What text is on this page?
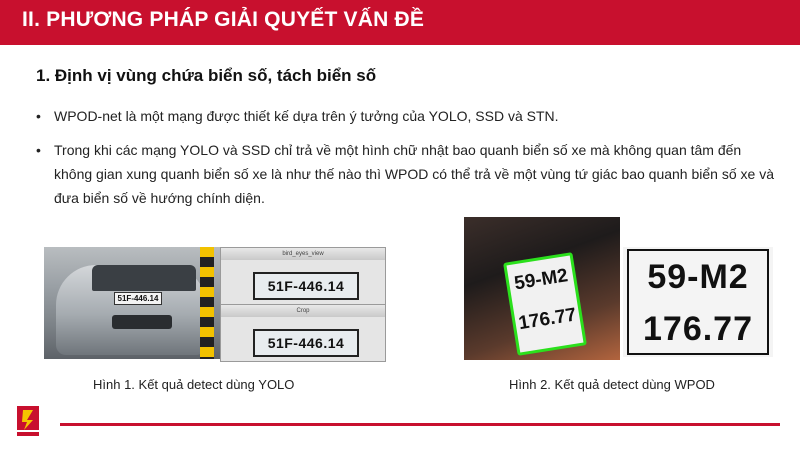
II. PHƯƠNG PHÁP GIẢI QUYẾT VẤN ĐỀ
1. Định vị vùng chứa biển số, tách biển số
• WPOD-net là một mạng được thiết kế dựa trên ý tưởng của YOLO, SSD và STN.
• Trong khi các mạng YOLO và SSD chỉ trả về một hình chữ nhật bao quanh biển số xe mà không quan tâm đến không gian xung quanh biển số xe là như thế nào thì WPOD có thể trả về một vùng tứ giác bao quanh biển số xe và đưa biển số về hướng chính diện.
51F-446.14
bird_eyes_view
51F-446.14
Crop
51F-446.14
Hình 1. Kết quả detect dùng YOLO
59-M2
176.77
59-M2
176.77
Hình 2. Kết quả detect dùng WPOD
